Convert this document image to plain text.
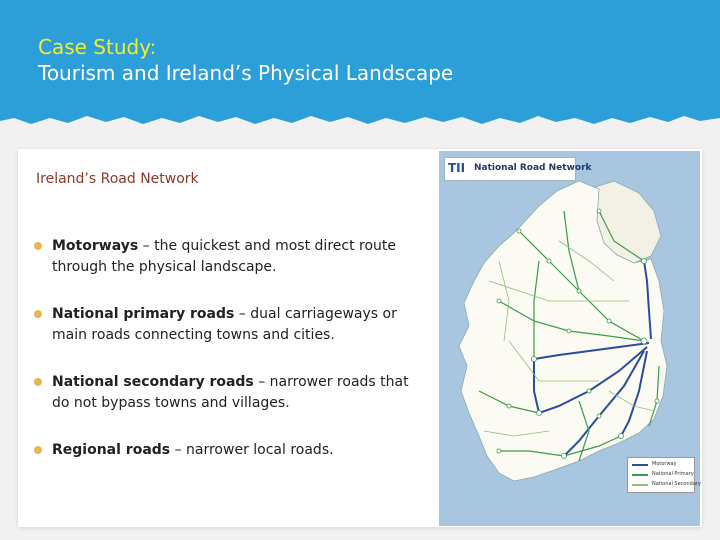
Case Study:
Tourism and Ireland’s Physical Landscape
Ireland’s Road Network
Motorways – the quickest and most direct route through the physical landscape.
National primary roads – dual carriageways or main roads connecting towns and cities.
National secondary roads – narrower roads that do not bypass towns and villages.
Regional roads – narrower local roads.
TII National Road Network
Motorway
National Primary
National Secondary
